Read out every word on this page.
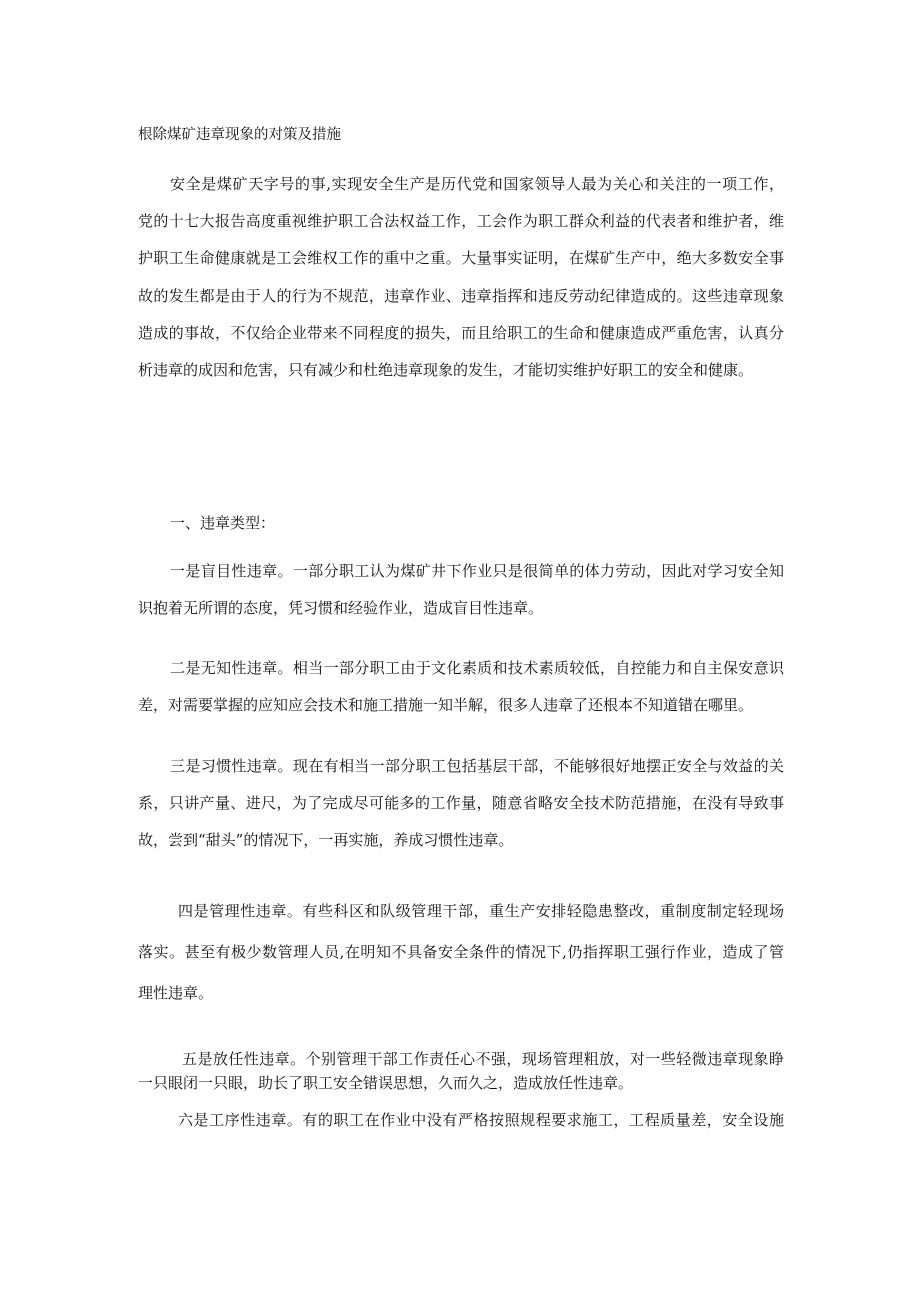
根除煤矿违章现象的对策及措施
安全是煤矿天字号的事,实现安全生产是历代党和国家领导人最为关心和关注的一项工作，
党的十七大报告高度重视维护职工合法权益工作，工会作为职工群众利益的代表者和维护者，维
护职工生命健康就是工会维权工作的重中之重。大量事实证明，在煤矿生产中，绝大多数安全事
故的发生都是由于人的行为不规范，违章作业、违章指挥和违反劳动纪律造成的。这些违章现象
造成的事故，不仅给企业带来不同程度的损失，而且给职工的生命和健康造成严重危害，认真分
析违章的成因和危害，只有减少和杜绝违章现象的发生，才能切实维护好职工的安全和健康。
一、违章类型：
一是盲目性违章。一部分职工认为煤矿井下作业只是很简单的体力劳动，因此对学习安全知
识抱着无所谓的态度，凭习惯和经验作业，造成盲目性违章。
二是无知性违章。相当一部分职工由于文化素质和技术素质较低，自控能力和自主保安意识
差，对需要掌握的应知应会技术和施工措施一知半解，很多人违章了还根本不知道错在哪里。
三是习惯性违章。现在有相当一部分职工包括基层干部，不能够很好地摆正安全与效益的关
系，只讲产量、进尺，为了完成尽可能多的工作量，随意省略安全技术防范措施，在没有导致事
故，尝到“甜头”的情况下，一再实施，养成习惯性违章。
四是管理性违章。有些科区和队级管理干部，重生产安排轻隐患整改，重制度制定轻现场
落实。甚至有极少数管理人员,在明知不具备安全条件的情况下,仍指挥职工强行作业，造成了管
理性违章。
五是放任性违章。个别管理干部工作责任心不强，现场管理粗放，对一些轻微违章现象睁
一只眼闭一只眼，助长了职工安全错误思想，久而久之，造成放任性违章。
六是工序性违章。有的职工在作业中没有严格按照规程要求施工，工程质量差，安全设施
